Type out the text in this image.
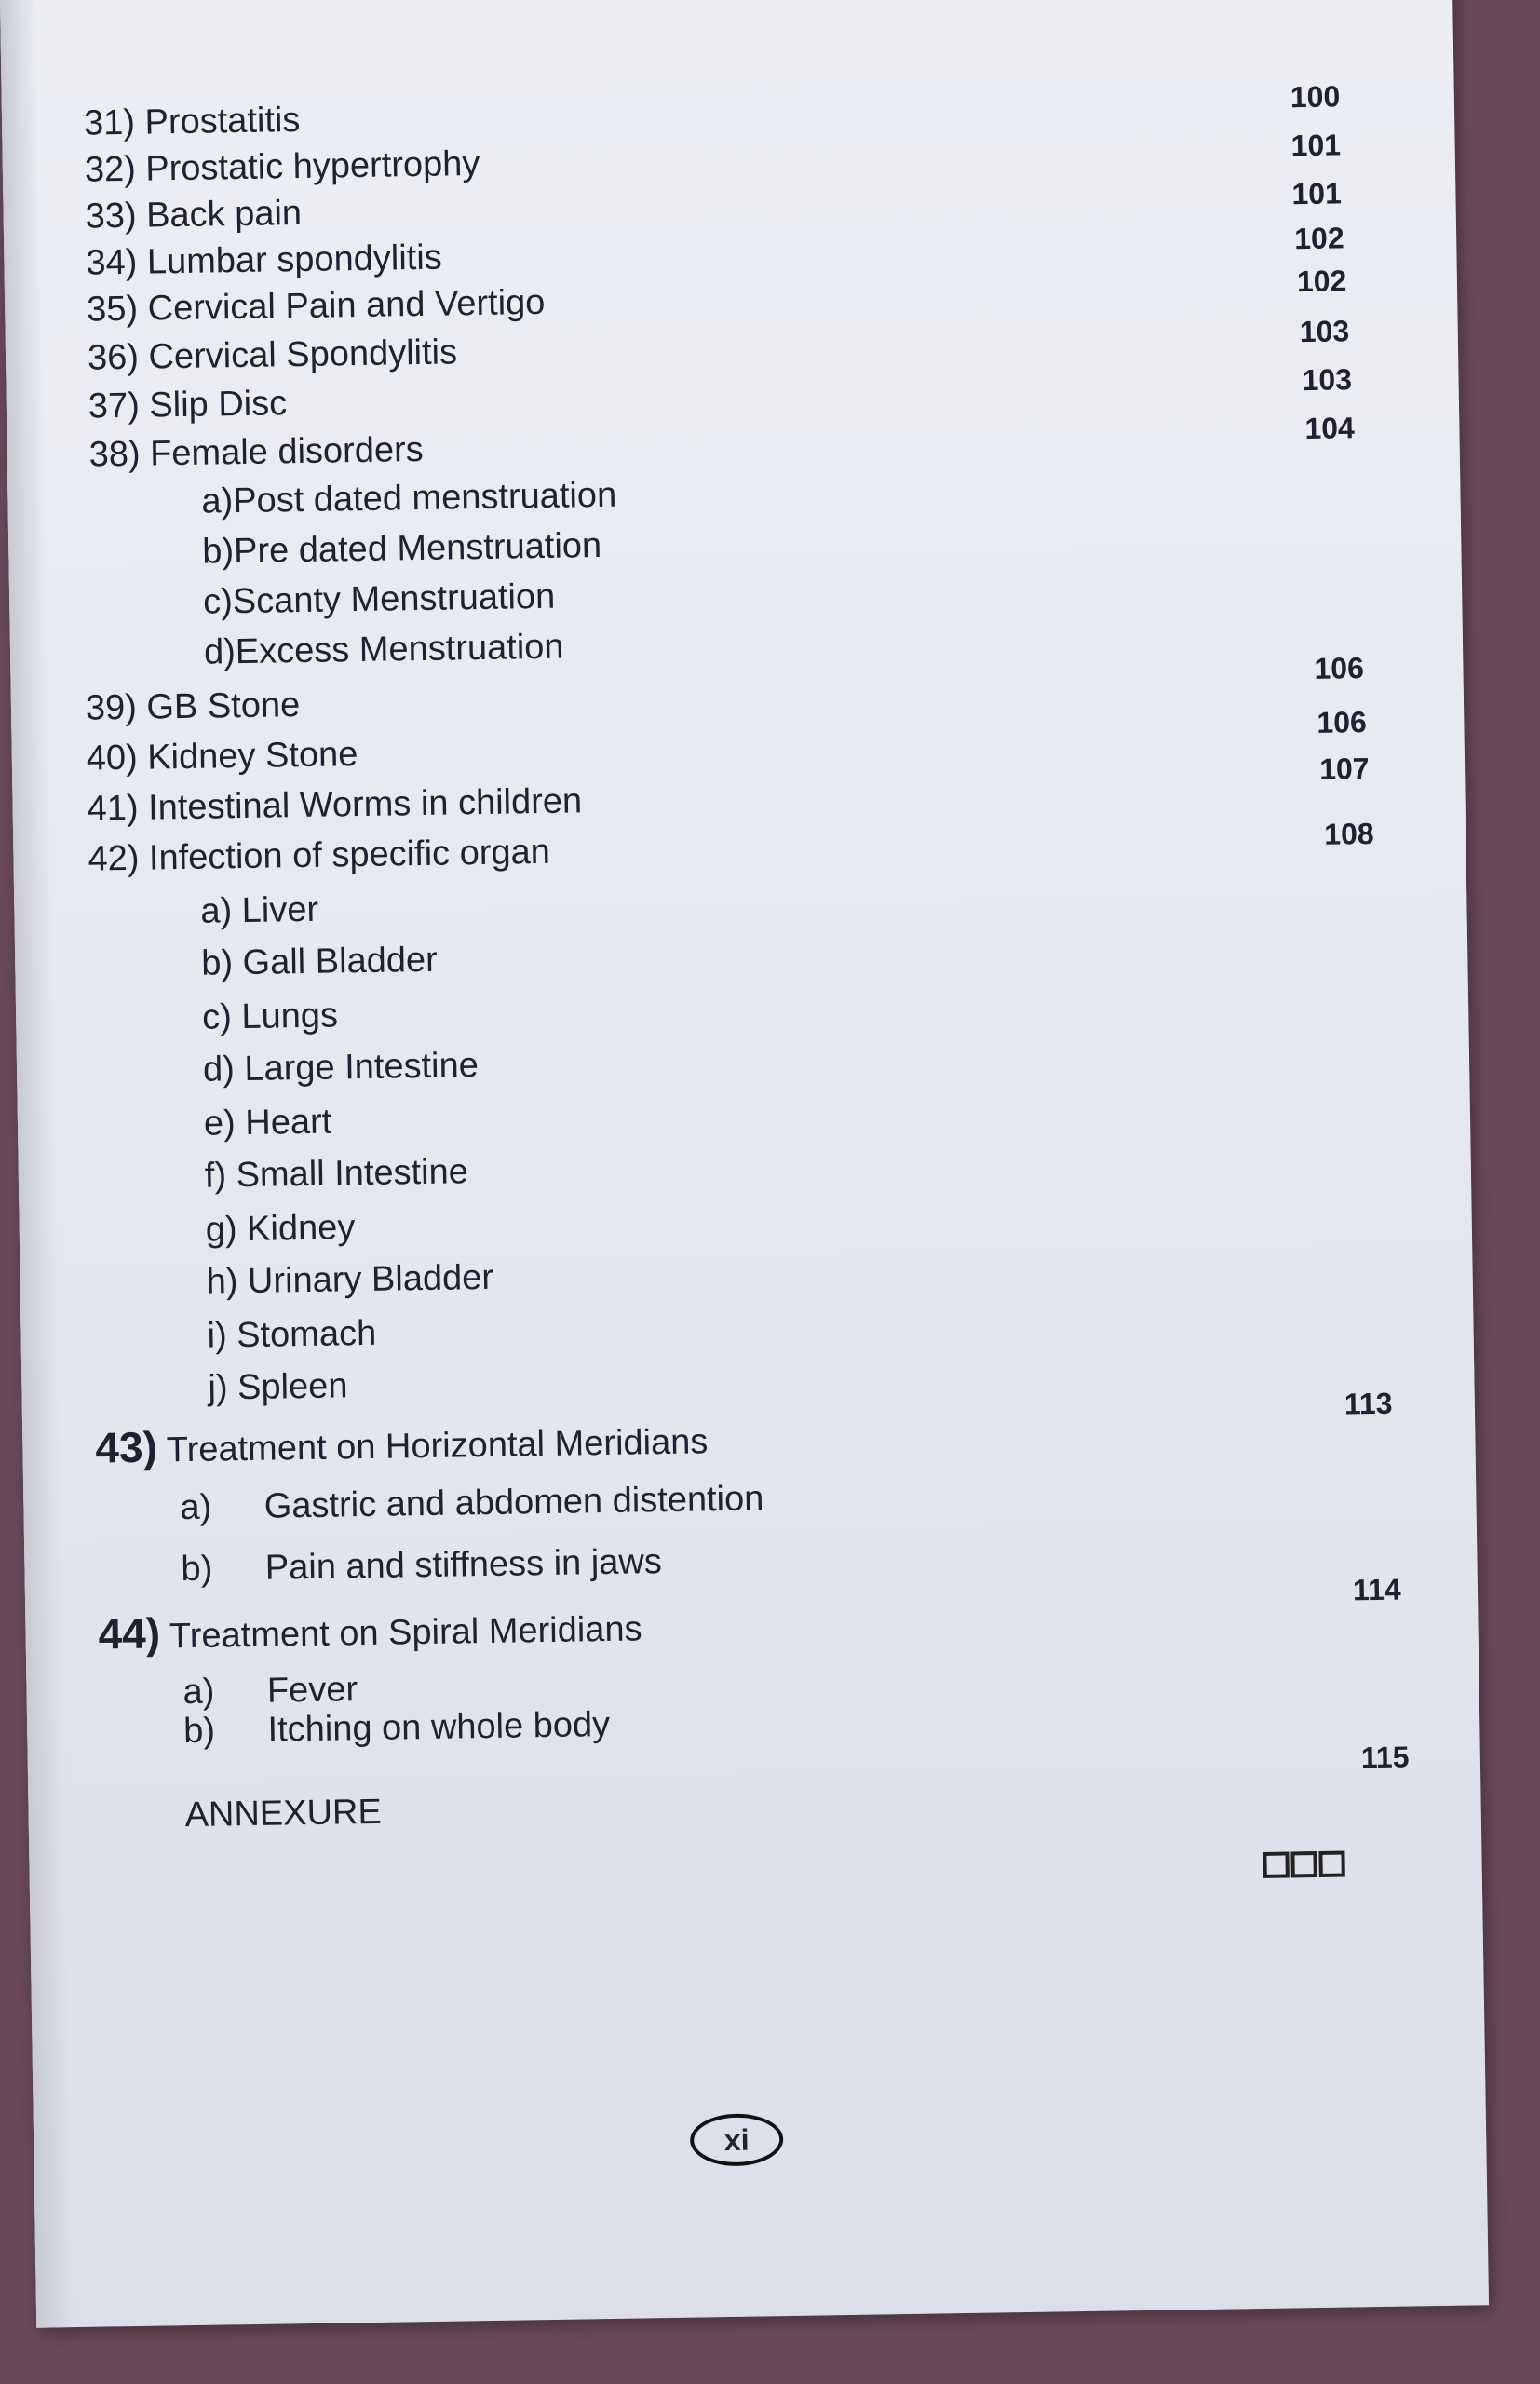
31) Prostatitis
32) Prostatic hypertrophy
33) Back pain
34) Lumbar spondylitis
35) Cervical Pain and Vertigo
36) Cervical Spondylitis
37) Slip Disc
38) Female disorders
a)Post dated menstruation
b)Pre dated Menstruation
c)Scanty Menstruation
d)Excess Menstruation
39) GB Stone
40) Kidney Stone
41) Intestinal Worms in children
42) Infection of specific organ
a) Liver
b) Gall Bladder
c) Lungs
d) Large Intestine
e) Heart
f) Small Intestine
g) Kidney
h) Urinary Bladder
i) Stomach
j) Spleen
43) Treatment on Horizontal Meridians
a) Gastric and abdomen distention
b) Pain and stiffness in jaws
44) Treatment on Spiral Meridians
a) Fever
b) Itching on whole body
ANNEXURE
100
101
101
102
102
103
103
104
106
106
107
108
113
114
115
xi
